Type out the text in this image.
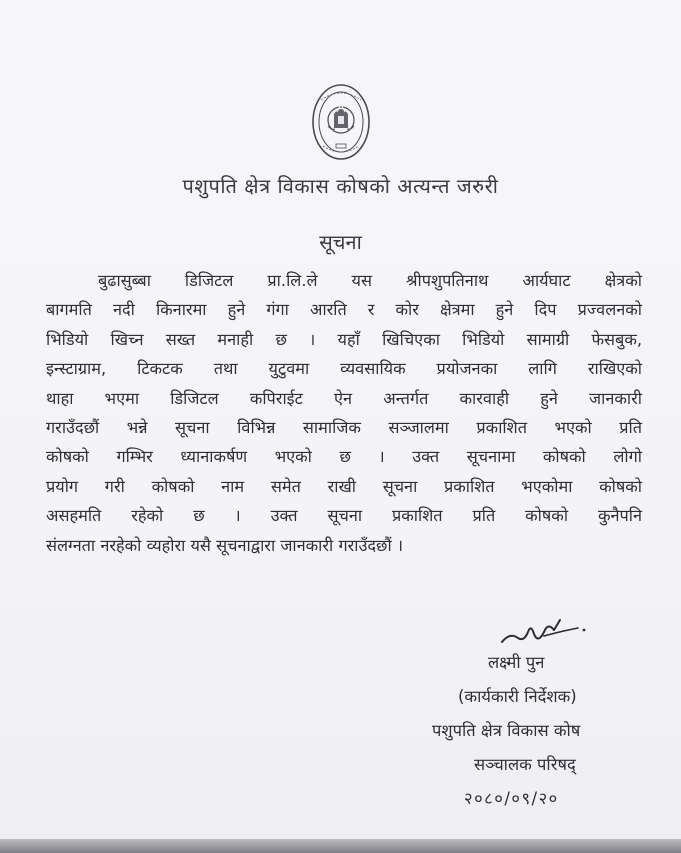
पशुपति क्षेत्र विकास कोषको अत्यन्त जरुरी
सूचना
बुढासुब्बा डिजिटल प्रा.लि.ले यस श्रीपशुपतिनाथ आर्यघाट क्षेत्रको
बागमति नदी किनारमा हुने गंगा आरति र कोर क्षेत्रमा हुने दिप प्रज्वलनको
भिडियो खिच्न सख्त मनाही छ । यहाँ खिचिएका भिडियो सामाग्री फेसबुक,
इन्स्टाग्राम, टिकटक तथा युटुवमा व्यवसायिक प्रयोजनका लागि राखिएको
थाहा भएमा डिजिटल कपिराईट ऐन अन्तर्गत कारवाही हुने जानकारी
गराउँदछौं भन्ने सूचना विभिन्न सामाजिक सञ्जालमा प्रकाशित भएको प्रति
कोषको गम्भिर ध्यानाकर्षण भएको छ । उक्त सूचनामा कोषको लोगो
प्रयोग गरी कोषको नाम समेत राखी सूचना प्रकाशित भएकोमा कोषको
असहमति रहेको छ । उक्त सूचना प्रकाशित प्रति कोषको कुनैपनि
संलग्नता नरहेको व्यहोरा यसै सूचनाद्वारा जानकारी गराउँदछौं ।
लक्ष्मी पुन
(कार्यकारी निर्देशक)
पशुपति क्षेत्र विकास कोष
सञ्चालक परिषद्
२०८०/०९/२०
